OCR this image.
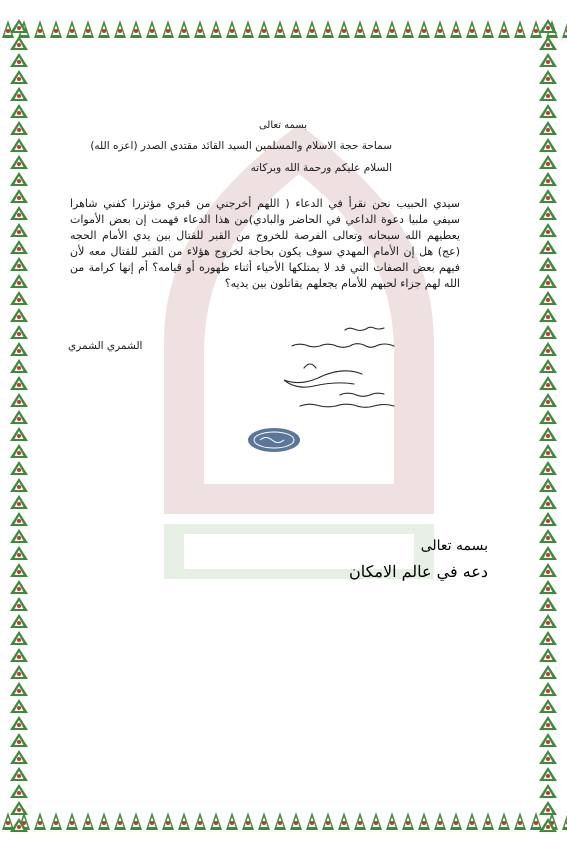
بسمه تعالى
سماحة حجة الاسلام والمسلمين السيد القائد مقتدى الصدر (اعزه الله)
السلام عليكم ورحمة الله وبركاته
سيدي الحبيب نحن نقرأ في الدعاء ( اللهم أخرجني من قبري مؤتزرا كفني شاهرا سيفي ملبيا دعوة الداعي في الحاضر والبادي)من هذا الدعاء فهمت إن بعض الأموات يعطيهم الله سبحانه وتعالى الفرصة للخروج من القبر للقتال بين يدي الأمام الحجه (عج) هل إن الأمام المهدي سوف يكون بحاجة لخروج هؤلاء من القبر للقتال معه لأن فيهم بعض الصفات التي قد لا يمتلكها الأحياء أثناء ظهوره أو قيامه؟ أم إنها كرامة من الله لهم جزاء لحبهم للأمام يجعلهم يقاتلون بين يديه؟
الشمري الشمري
بسمه تعالى
دعه في عالم الامكان
